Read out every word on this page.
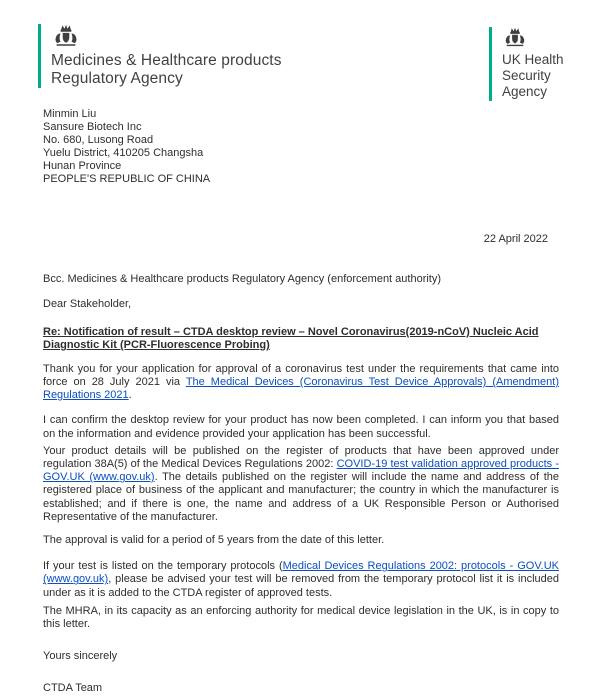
Medicines & Healthcare products
Regulatory Agency
UK Health
Security
Agency
Minmin Liu
Sansure Biotech Inc
No. 680, Lusong Road
Yuelu District, 410205 Changsha
Hunan Province
PEOPLE'S REPUBLIC OF CHINA
22 April 2022
Bcc. Medicines & Healthcare products Regulatory Agency (enforcement authority)
Dear Stakeholder,
Re: Notification of result – CTDA desktop review – Novel Coronavirus(2019-nCoV) Nucleic Acid Diagnostic Kit (PCR-Fluorescence Probing)

Thank you for your application for approval of a coronavirus test under the requirements that came into force on 28 July 2021 via The Medical Devices (Coronavirus Test Device Approvals) (Amendment) Regulations 2021.

I can confirm the desktop review for your product has now been completed. I can inform you that based on the information and evidence provided your application has been successful.

Your product details will be published on the register of products that have been approved under regulation 38A(5) of the Medical Devices Regulations 2002: COVID-19 test validation approved products - GOV.UK (www.gov.uk). The details published on the register will include the name and address of the registered place of business of the applicant and manufacturer; the country in which the manufacturer is established; and if there is one, the name and address of a UK Responsible Person or Authorised Representative of the manufacturer.

The approval is valid for a period of 5 years from the date of this letter.

If your test is listed on the temporary protocols (Medical Devices Regulations 2002: protocols - GOV.UK (www.gov.uk), please be advised your test will be removed from the temporary protocol list it is included under as it is added to the CTDA register of approved tests.

The MHRA, in its capacity as an enforcing authority for medical device legislation in the UK, is in copy to this letter.

Yours sincerely
CTDA Team
